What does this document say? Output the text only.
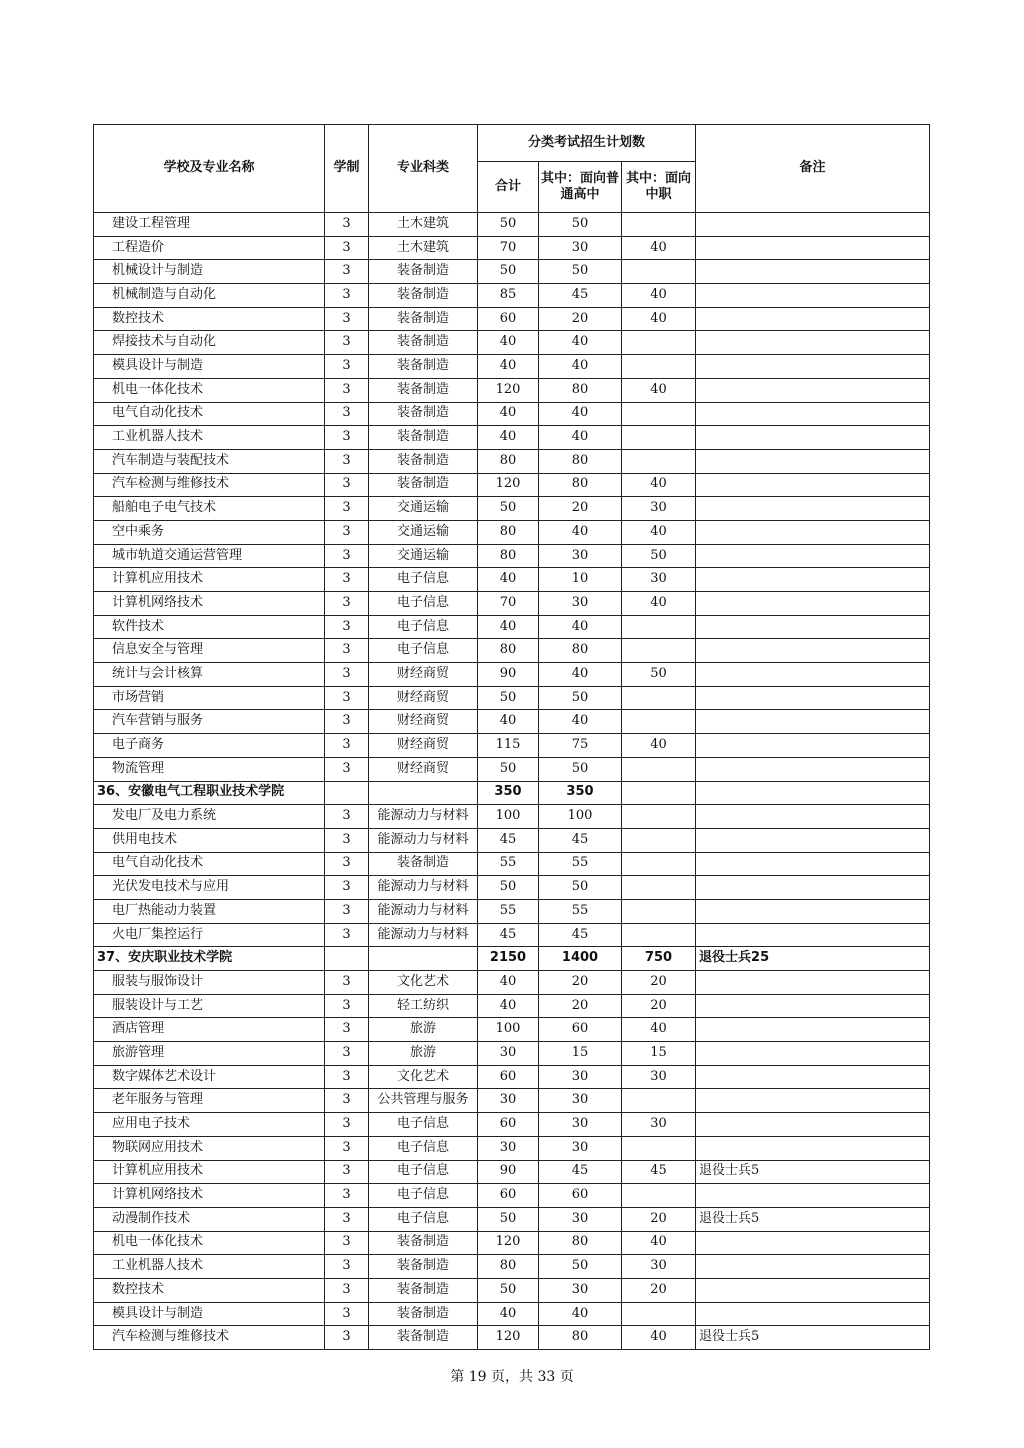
学校及专业名称	学制	专业科类	分类考试招生计划数			备注
			合计	其中：面向普通高中	其中：面向中职	
建设工程管理	3	土木建筑	50	50		
工程造价	3	土木建筑	70	30	40	
机械设计与制造	3	装备制造	50	50		
机械制造与自动化	3	装备制造	85	45	40	
数控技术	3	装备制造	60	20	40	
焊接技术与自动化	3	装备制造	40	40		
模具设计与制造	3	装备制造	40	40		
机电一体化技术	3	装备制造	120	80	40	
电气自动化技术	3	装备制造	40	40		
工业机器人技术	3	装备制造	40	40		
汽车制造与装配技术	3	装备制造	80	80		
汽车检测与维修技术	3	装备制造	120	80	40	
船舶电子电气技术	3	交通运输	50	20	30	
空中乘务	3	交通运输	80	40	40	
城市轨道交通运营管理	3	交通运输	80	30	50	
计算机应用技术	3	电子信息	40	10	30	
计算机网络技术	3	电子信息	70	30	40	
软件技术	3	电子信息	40	40		
信息安全与管理	3	电子信息	80	80		
统计与会计核算	3	财经商贸	90	40	50	
市场营销	3	财经商贸	50	50		
汽车营销与服务	3	财经商贸	40	40		
电子商务	3	财经商贸	115	75	40	
物流管理	3	财经商贸	50	50		
36、安徽电气工程职业技术学院			350	350		
发电厂及电力系统	3	能源动力与材料	100	100		
供用电技术	3	能源动力与材料	45	45		
电气自动化技术	3	装备制造	55	55		
光伏发电技术与应用	3	能源动力与材料	50	50		
电厂热能动力装置	3	能源动力与材料	55	55		
火电厂集控运行	3	能源动力与材料	45	45		
37、安庆职业技术学院			2150	1400	750	退役士兵25
服装与服饰设计	3	文化艺术	40	20	20	
服装设计与工艺	3	轻工纺织	40	20	20	
酒店管理	3	旅游	100	60	40	
旅游管理	3	旅游	30	15	15	
数字媒体艺术设计	3	文化艺术	60	30	30	
老年服务与管理	3	公共管理与服务	30	30		
应用电子技术	3	电子信息	60	30	30	
物联网应用技术	3	电子信息	30	30		
计算机应用技术	3	电子信息	90	45	45	退役士兵5
计算机网络技术	3	电子信息	60	60		
动漫制作技术	3	电子信息	50	30	20	退役士兵5
机电一体化技术	3	装备制造	120	80	40	
工业机器人技术	3	装备制造	80	50	30	
数控技术	3	装备制造	50	30	20	
模具设计与制造	3	装备制造	40	40		
汽车检测与维修技术	3	装备制造	120	80	40	退役士兵5
第 19 页，共 33 页
